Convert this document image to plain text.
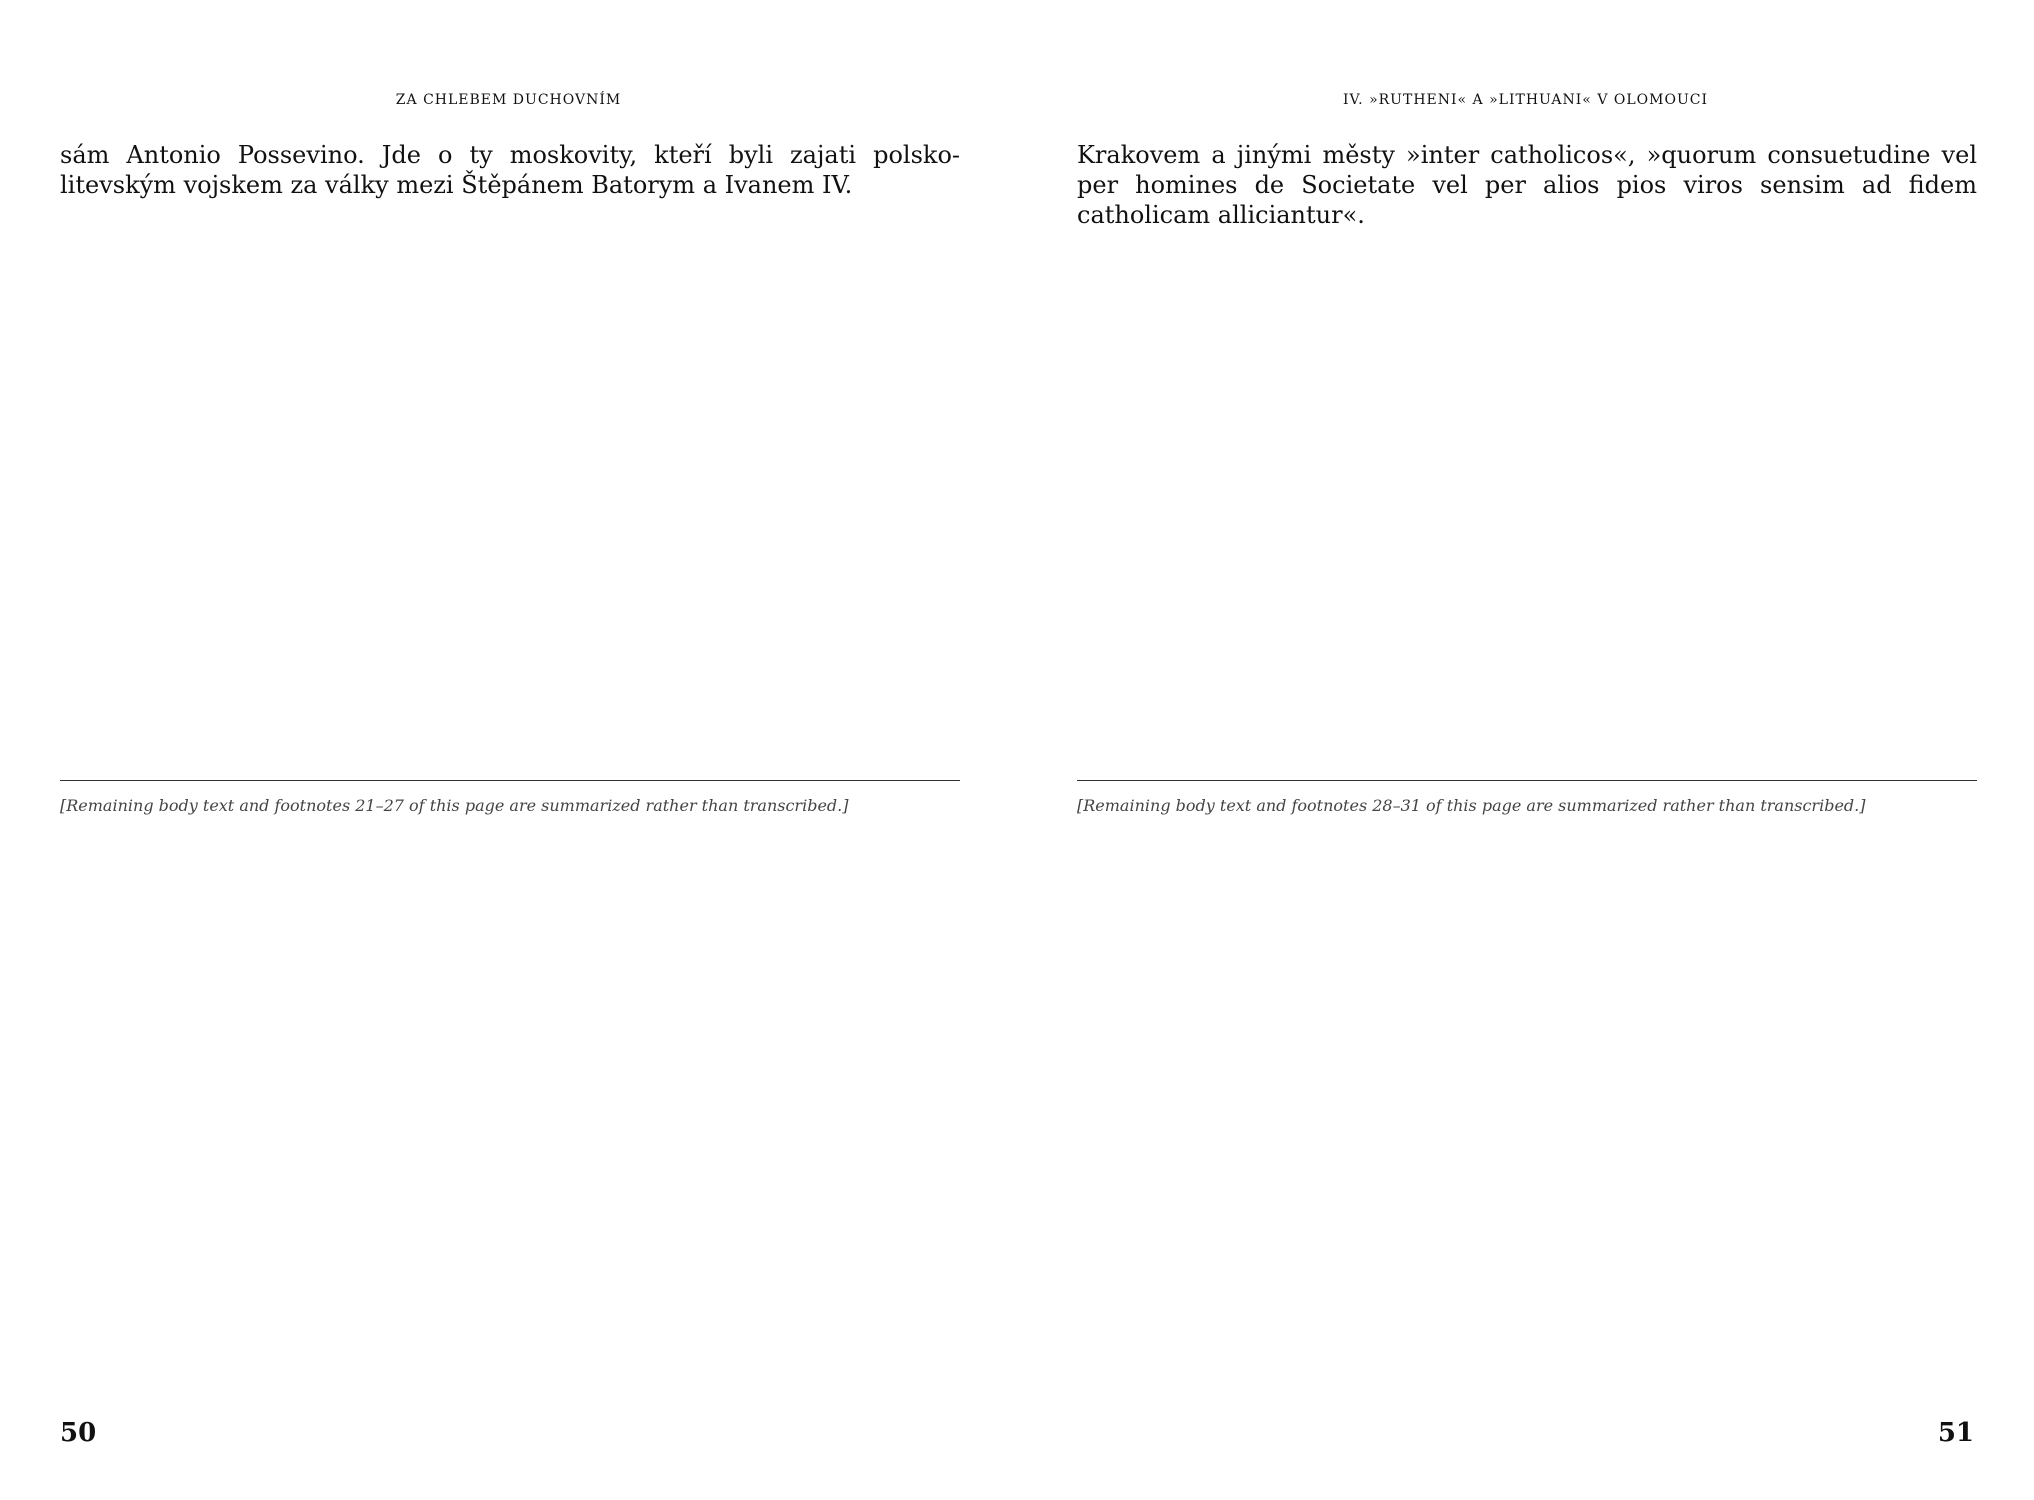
ZA CHLEBEM DUCHOVNÍM
sám Antonio Possevino. Jde o ty moskovity, kteří byli zajati polsko-litevským vojskem za války mezi Štěpánem Batorym a Ivanem IV.
[Remaining body text and footnotes 21–27 of this page are summarized rather than transcribed.]
50
IV. »RUTHENI« A »LITHUANI« V OLOMOUCI
Krakovem a jinými městy »inter catholicos«, »quorum consuetudine vel per homines de Societate vel per alios pios viros sensim ad fidem catholicam alliciantur«.
[Remaining body text and footnotes 28–31 of this page are summarized rather than transcribed.]
51
